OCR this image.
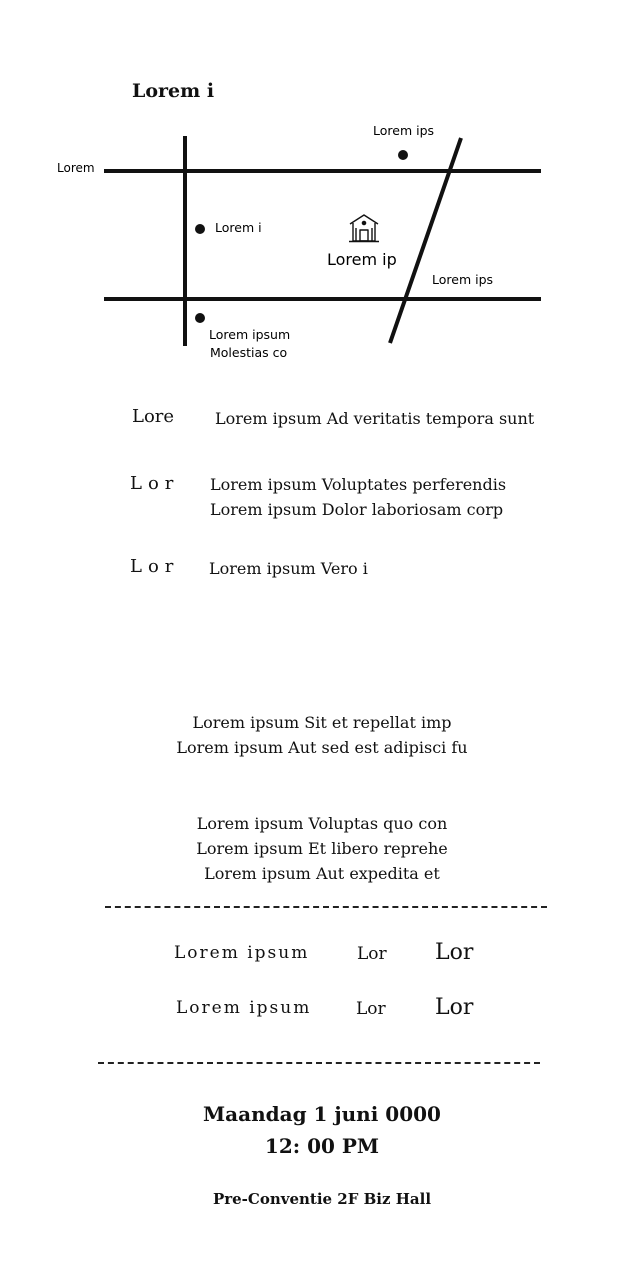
Lorem i
Lorem
Lorem ips
Lorem i
Lorem ip
Lorem ips
Lorem ipsum
Molestias co
Lore	Lorem ipsum Ad veritatis tempora sunt
Lor Lorem ipsum Voluptates perferendis
Lorem ipsum Dolor laboriosam corp
Lor Lorem ipsum Vero i
Lorem ipsum Sit et repellat imp
Lorem ipsum Aut sed est adipisci fu
Lorem ipsum Voluptas quo con
Lorem ipsum Et libero reprehe
Lorem ipsum Aut expedita et
Lorem ipsum	Lor Lor
Lorem ipsum	Lor Lor
Maandag 1 juni 0000
12: 00 PM
Pre-Conventie 2F Biz Hall
